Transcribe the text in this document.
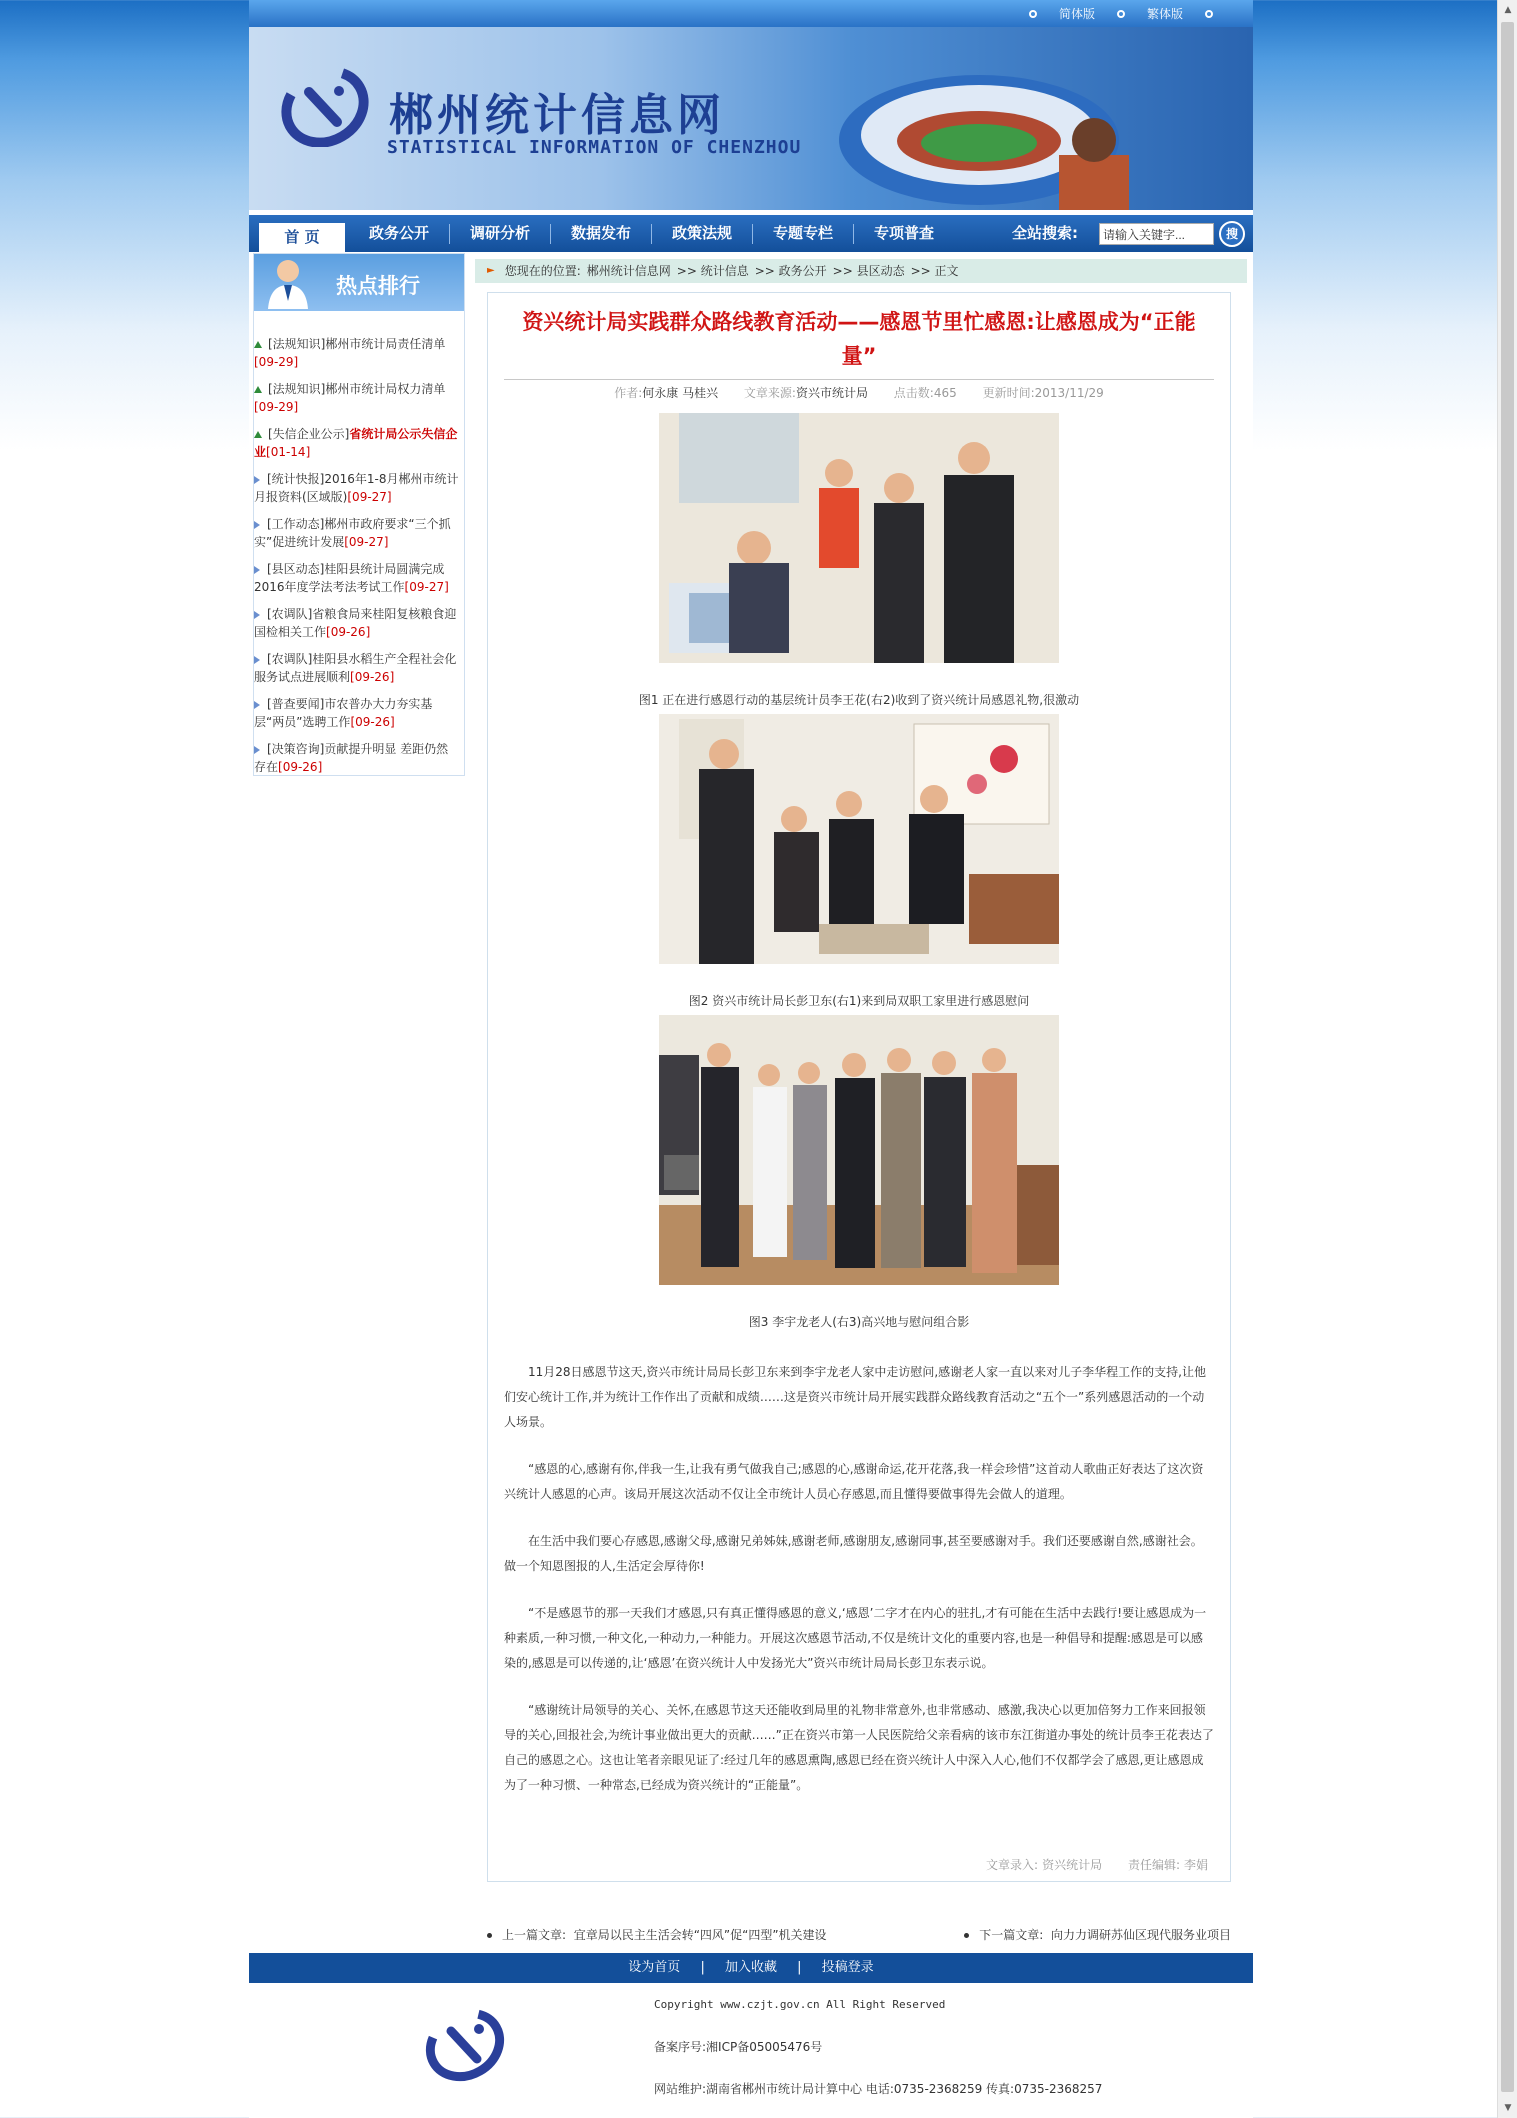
▲
▼
简体版	繁体版
郴州统计信息网
STATISTICAL INFORMATION OF CHENZHOU
首 页	政务公开	调研分析	数据发布	政策法规	专题专栏	专项普查	全站搜索:
请输入关键字...	搜
热点排行
[法规知识]郴州市统计局责任清单
[09-29]
[法规知识]郴州市统计局权力清单
[09-29]
[失信企业公示]省统计局公示失信企业[01-14]
[统计快报]2016年1-8月郴州市统计月报资料(区域版)[09-27]
[工作动态]郴州市政府要求“三个抓实”促进统计发展[09-27]
[县区动态]桂阳县统计局圆满完成2016年度学法考法考试工作[09-27]
[农调队]省粮食局来桂阳复核粮食迎国检相关工作[09-26]
[农调队]桂阳县水稻生产全程社会化服务试点进展顺利[09-26]
[普查要闻]市农普办大力夯实基层“两员”选聘工作[09-26]
[决策咨询]贡献提升明显 差距仍然存在[09-26]
► 您现在的位置: 郴州统计信息网 >> 统计信息 >> 政务公开 >> 县区动态 >> 正文
资兴统计局实践群众路线教育活动——感恩节里忙感恩:让感恩成为“正能量”
作者:何永康 马桂兴 文章来源:资兴市统计局 点击数:465 更新时间:2013/11/29
图1 正在进行感恩行动的基层统计员李王花(右2)收到了资兴统计局感恩礼物,很激动
图2 资兴市统计局长彭卫东(右1)来到局双职工家里进行感恩慰问
图3 李宇龙老人(右3)高兴地与慰问组合影

11月28日感恩节这天,资兴市统计局局长彭卫东来到李宇龙老人家中走访慰问,感谢老人家一直以来对儿子李华程工作的支持,让他们安心统计工作,并为统计工作作出了贡献和成绩……这是资兴市统计局开展实践群众路线教育活动之“五个一”系列感恩活动的一个动人场景。

“感恩的心,感谢有你,伴我一生,让我有勇气做我自己;感恩的心,感谢命运,花开花落,我一样会珍惜”这首动人歌曲正好表达了这次资兴统计人感恩的心声。该局开展这次活动不仅让全市统计人员心存感恩,而且懂得要做事得先会做人的道理。

在生活中我们要心存感恩,感谢父母,感谢兄弟姊妹,感谢老师,感谢朋友,感谢同事,甚至要感谢对手。我们还要感谢自然,感谢社会。做一个知恩图报的人,生活定会厚待你!

“不是感恩节的那一天我们才感恩,只有真正懂得感恩的意义,‘感恩’二字才在内心的驻扎,才有可能在生活中去践行!要让感恩成为一种素质,一种习惯,一种文化,一种动力,一种能力。开展这次感恩节活动,不仅是统计文化的重要内容,也是一种倡导和提醒:感恩是可以感染的,感恩是可以传递的,让‘感恩’在资兴统计人中发扬光大”资兴市统计局局长彭卫东表示说。

“感谢统计局领导的关心、关怀,在感恩节这天还能收到局里的礼物非常意外,也非常感动、感激,我决心以更加倍努力工作来回报领导的关心,回报社会,为统计事业做出更大的贡献……”正在资兴市第一人民医院给父亲看病的该市东江街道办事处的统计员李王花表达了自己的感恩之心。这也让笔者亲眼见证了:经过几年的感恩熏陶,感恩已经在资兴统计人中深入人心,他们不仅都学会了感恩,更让感恩成为了一种习惯、一种常态,已经成为资兴统计的“正能量”。

文章录入: 资兴统计局 责任编辑: 李娟
上一篇文章: 宜章局以民主生活会转“四风”促“四型”机关建设	下一篇文章: 向力力调研苏仙区现代服务业项目
设为首页 | 加入收藏 | 投稿登录
Copyright www.czjt.gov.cn All Right Reserved
备案序号:湘ICP备05005476号
网站维护:湖南省郴州市统计局计算中心 电话:0735-2368259 传真:0735-2368257
